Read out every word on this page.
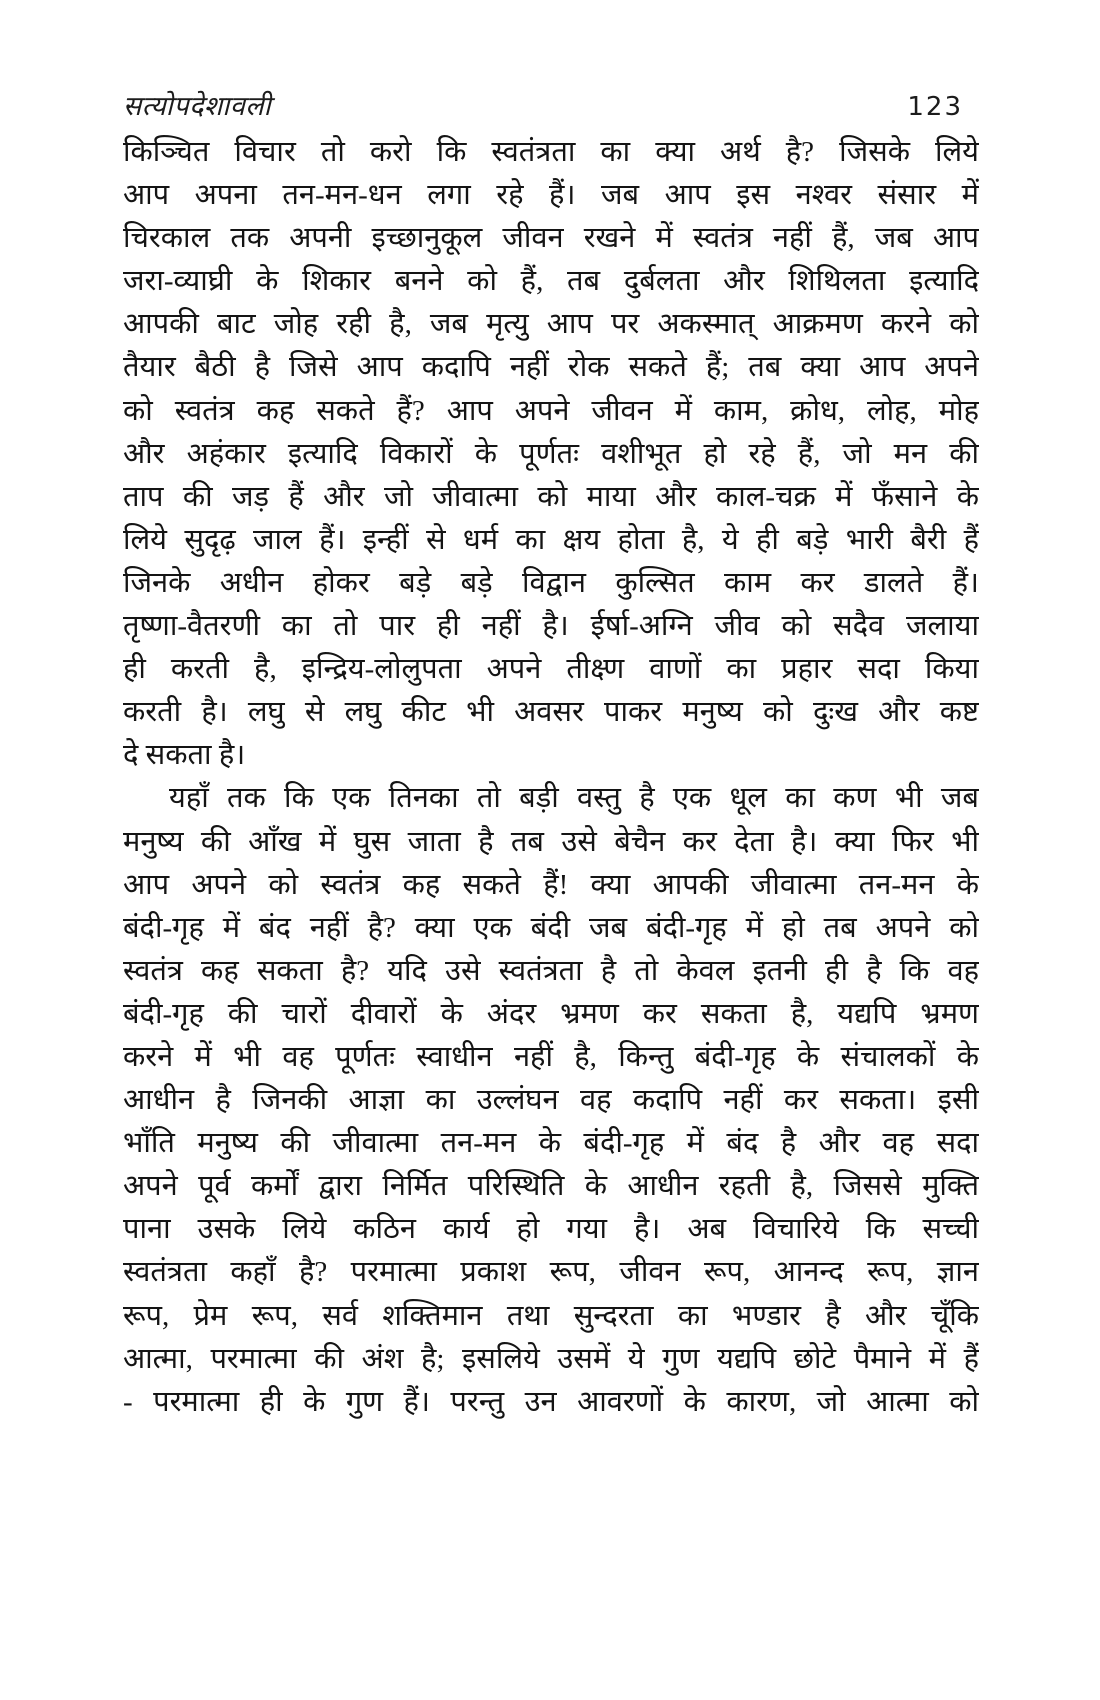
सत्योपदेशावली	123
किञ्चित विचार तो करो कि स्वतंत्रता का क्या अर्थ है? जिसके लिये
आप अपना तन-मन-धन लगा रहे हैं। जब आप इस नश्वर संसार में
चिरकाल तक अपनी इच्छानुकूल जीवन रखने में स्वतंत्र नहीं हैं, जब आप
जरा-व्याघ्री के शिकार बनने को हैं, तब दुर्बलता और शिथिलता इत्यादि
आपकी बाट जोह रही है, जब मृत्यु आप पर अकस्मात् आक्रमण करने को
तैयार बैठी है जिसे आप कदापि नहीं रोक सकते हैं; तब क्या आप अपने
को स्वतंत्र कह सकते हैं? आप अपने जीवन में काम, क्रोध, लोह, मोह
और अहंकार इत्यादि विकारों के पूर्णतः वशीभूत हो रहे हैं, जो मन की
ताप की जड़ हैं और जो जीवात्मा को माया और काल-चक्र में फँसाने के
लिये सुदृढ़ जाल हैं। इन्हीं से धर्म का क्षय होता है, ये ही बड़े भारी बैरी हैं
जिनके अधीन होकर बड़े बड़े विद्वान कुल्सित काम कर डालते हैं।
तृष्णा-वैतरणी का तो पार ही नहीं है। ईर्षा-अग्नि जीव को सदैव जलाया
ही करती है, इन्द्रिय-लोलुपता अपने तीक्ष्ण वाणों का प्रहार सदा किया
करती है। लघु से लघु कीट भी अवसर पाकर मनुष्य को दुःख और कष्ट
दे सकता है।
यहाँ तक कि एक तिनका तो बड़ी वस्तु है एक धूल का कण भी जब
मनुष्य की आँख में घुस जाता है तब उसे बेचैन कर देता है। क्या फिर भी
आप अपने को स्वतंत्र कह सकते हैं! क्या आपकी जीवात्मा तन-मन के
बंदी-गृह में बंद नहीं है? क्या एक बंदी जब बंदी-गृह में हो तब अपने को
स्वतंत्र कह सकता है? यदि उसे स्वतंत्रता है तो केवल इतनी ही है कि वह
बंदी-गृह की चारों दीवारों के अंदर भ्रमण कर सकता है, यद्यपि भ्रमण
करने में भी वह पूर्णतः स्वाधीन नहीं है, किन्तु बंदी-गृह के संचालकों के
आधीन है जिनकी आज्ञा का उल्लंघन वह कदापि नहीं कर सकता। इसी
भाँति मनुष्य की जीवात्मा तन-मन के बंदी-गृह में बंद है और वह सदा
अपने पूर्व कर्मों द्वारा निर्मित परिस्थिति के आधीन रहती है, जिससे मुक्ति
पाना उसके लिये कठिन कार्य हो गया है। अब विचारिये कि सच्ची
स्वतंत्रता कहाँ है? परमात्मा प्रकाश रूप, जीवन रूप, आनन्द रूप, ज्ञान
रूप, प्रेम रूप, सर्व शक्तिमान तथा सुन्दरता का भण्डार है और चूँकि
आत्मा, परमात्मा की अंश है; इसलिये उसमें ये गुण यद्यपि छोटे पैमाने में हैं
- परमात्मा ही के गुण हैं। परन्तु उन आवरणों के कारण, जो आत्मा को
